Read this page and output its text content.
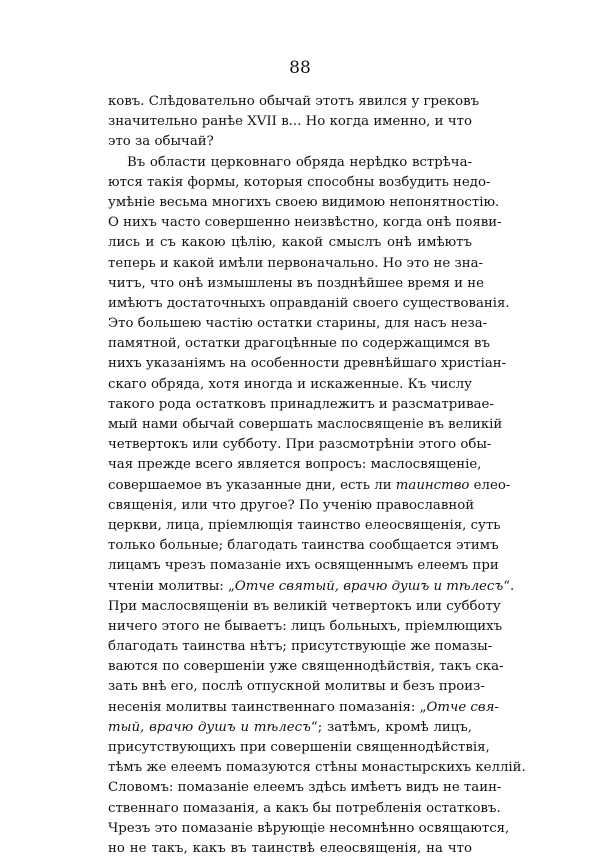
88
ковъ. Слѣдовательно обычай этотъ явился у грековъ
значительно ранѣе XVII в... Но когда именно, и что
это за обычай?
Въ области церковнаго обряда нерѣдко встрѣча-
ются такія формы, которыя способны возбудить недо-
умѣніе весьма многихъ своею видимою непонятностію.
О нихъ часто совершенно неизвѣстно, когда онѣ появи-
лись и съ какою цѣлію, какой смыслъ онѣ имѣютъ
теперь и какой имѣли первоначально. Но это не зна-
читъ, что онѣ измышлены въ позднѣйшее время и не
имѣютъ достаточныхъ оправданій своего существованія.
Это большею частію остатки старины, для насъ неза-
памятной, остатки драгоцѣнные по содержащимся въ
нихъ указаніямъ на особенности древнѣйшаго христіан-
скаго обряда, хотя иногда и искаженные. Къ числу
такого рода остатковъ принадлежитъ и разсматривае-
мый нами обычай совершать маслосвященіе въ великій
четвертокъ или субботу. При разсмотрѣніи этого обы-
чая прежде всего является вопросъ: маслосвященіе,
совершаемое въ указанные дни, есть ли таинство елео-
священія, или что другое? По ученію православной
церкви, лица, пріемлющія таинство елеосвященія, суть
только больные; благодать таинства сообщается этимъ
лицамъ чрезъ помазаніе ихъ освященнымъ елеемъ при
чтеніи молитвы: „Отче святый, врачю душъ и тѣлесъ“.
При маслосвященіи въ великій четвертокъ или субботу
ничего этого не бываетъ: лицъ больныхъ, пріемлющихъ
благодать таинства нѣтъ; присутствующіе же помазы-
ваются по совершеніи уже священнодѣйствія, такъ ска-
зать внѣ его, послѣ отпускной молитвы и безъ произ-
несенія молитвы таинственнаго помазанія: „Отче свя-
тый, врачю душъ и тѣлесъ“; затѣмъ, кромѣ лицъ,
присутствующихъ при совершеніи священнодѣйствія,
тѣмъ же елеемъ помазуются стѣны монастырскихъ келлій.
Словомъ: помазаніе елеемъ здѣсь имѣетъ видъ не таин-
ственнаго помазанія, а какъ бы потребленія остатковъ.
Чрезъ это помазаніе вѣрующіе несомнѣнно освящаются,
но не такъ, какъ въ таинствѣ елеосвященія, на что
